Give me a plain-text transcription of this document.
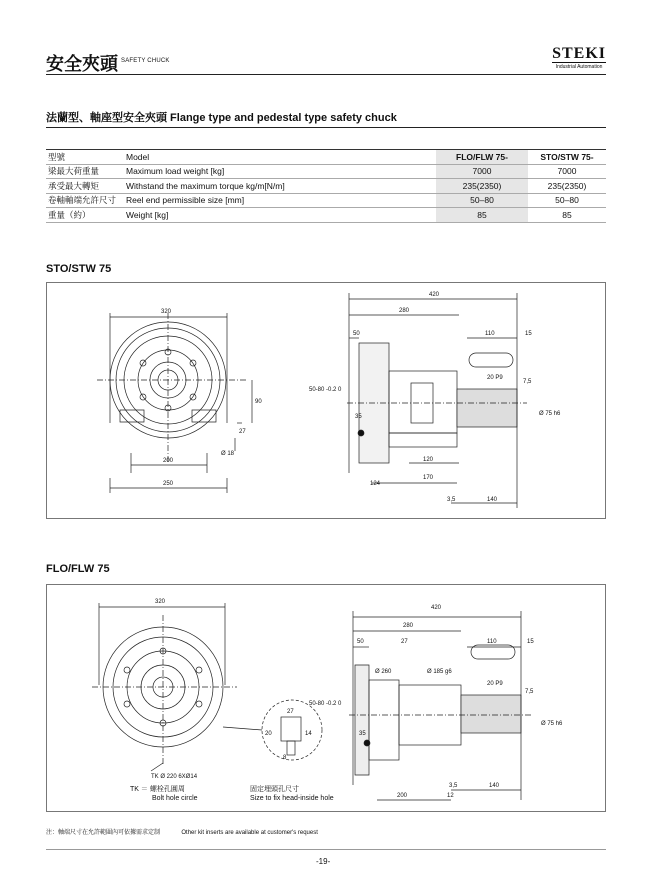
安全夾頭 SAFETY CHUCK	STEKI
Industrial Automation
法蘭型、軸座型安全夾頭 Flange type and pedestal type safety chuck
型號	Model	FLO/FLW 75-	STO/STW 75-
梁最大荷重量	Maximum load weight [kg]	7000	7000
承受最大轉矩	Withstand the maximum torque kg/m[N/m]	235(2350)	235(2350)
卷軸軸端允許尺寸	Reel end permissible size [mm]	50–80	50–80
重量（約）	Weight [kg]	85	85
STO/STW 75
320
200
250
90
27
Ø 18
420
280
50	110	15
20 P9
7,5
Ø 75 h6
50-80 -0.2 0
35
170
124
120
3,5	140
FLO/FLW 75
320
420
280
50	27	110	15
Ø 260	Ø 185 g6
20 P9
7,5
Ø 75 h6
50-80 -0.2 0
35
3,5	140
200	12
27
20	14
8
TK Ø 220 6XØ14
TK ＝ 螺栓孔圓周
Bolt hole circle
固定埋頭孔尺寸
Size to fix head-inside hole
注：軸端尺寸在允許範圍內可依據需求定制	Other kit inserts are available at customer's request
-19-
